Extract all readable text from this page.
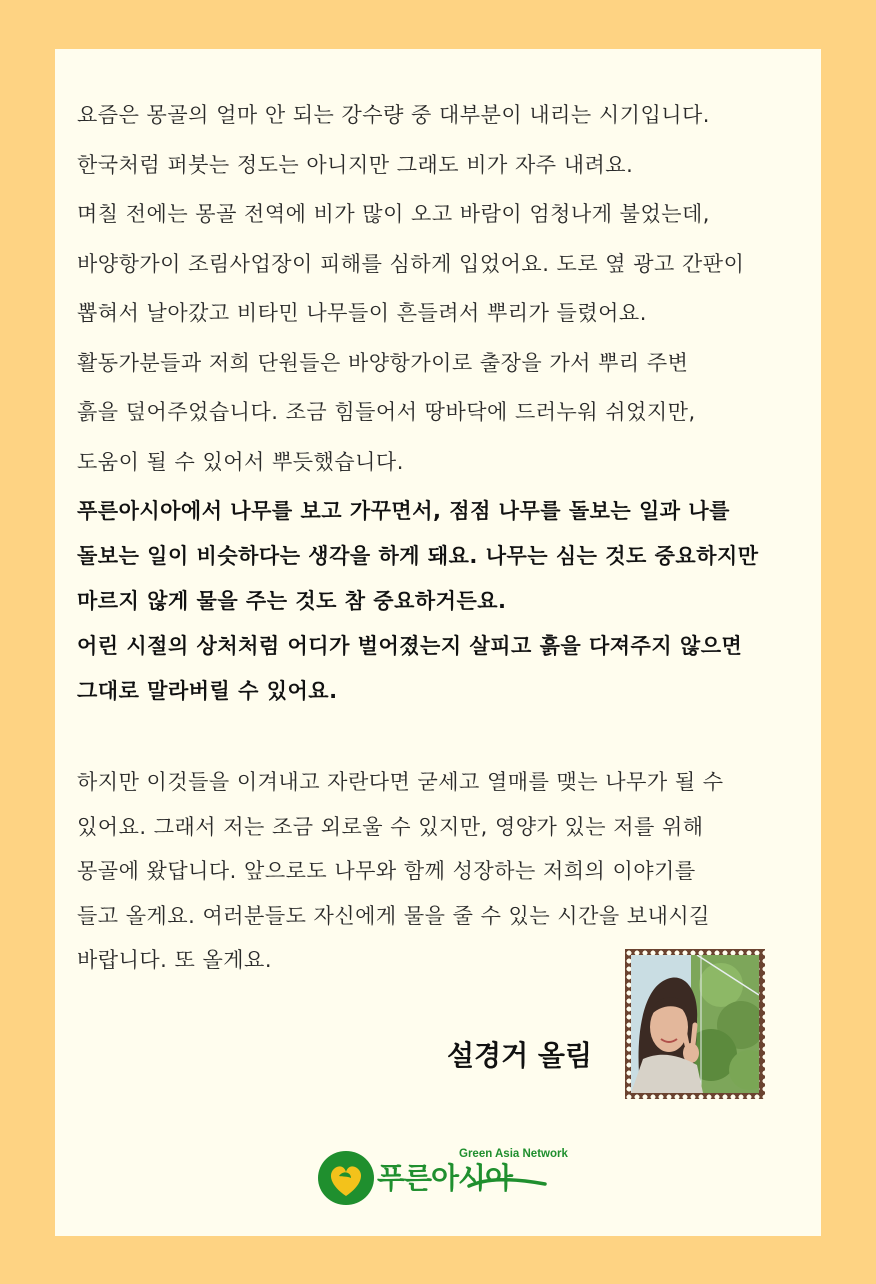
요즘은 몽골의 얼마 안 되는 강수량 중 대부분이 내리는 시기입니다.
한국처럼 퍼붓는 정도는 아니지만 그래도 비가 자주 내려요.
며칠 전에는 몽골 전역에 비가 많이 오고 바람이 엄청나게 불었는데,
바양항가이 조림사업장이 피해를 심하게 입었어요. 도로 옆 광고 간판이
뽑혀서 날아갔고 비타민 나무들이 흔들려서 뿌리가 들렸어요.
활동가분들과 저희 단원들은 바양항가이로 출장을 가서 뿌리 주변
흙을 덮어주었습니다. 조금 힘들어서 땅바닥에 드러누워 쉬었지만,
도움이 될 수 있어서 뿌듯했습니다.
푸른아시아에서 나무를 보고 가꾸면서, 점점 나무를 돌보는 일과 나를
돌보는 일이 비슷하다는 생각을 하게 돼요. 나무는 심는 것도 중요하지만
마르지 않게 물을 주는 것도 참 중요하거든요.
어린 시절의 상처처럼 어디가 벌어졌는지 살피고 흙을 다져주지 않으면
그대로 말라버릴 수 있어요.
하지만 이것들을 이겨내고 자란다면 굳세고 열매를 맺는 나무가 될 수
있어요. 그래서 저는 조금 외로울 수 있지만, 영양가 있는 저를 위해
몽골에 왔답니다. 앞으로도 나무와 함께 성장하는 저희의 이야기를
들고 올게요. 여러분들도 자신에게 물을 줄 수 있는 시간을 보내시길
바랍니다. 또 올게요.
설경거 올림
Green Asia Network
푸른아시아
